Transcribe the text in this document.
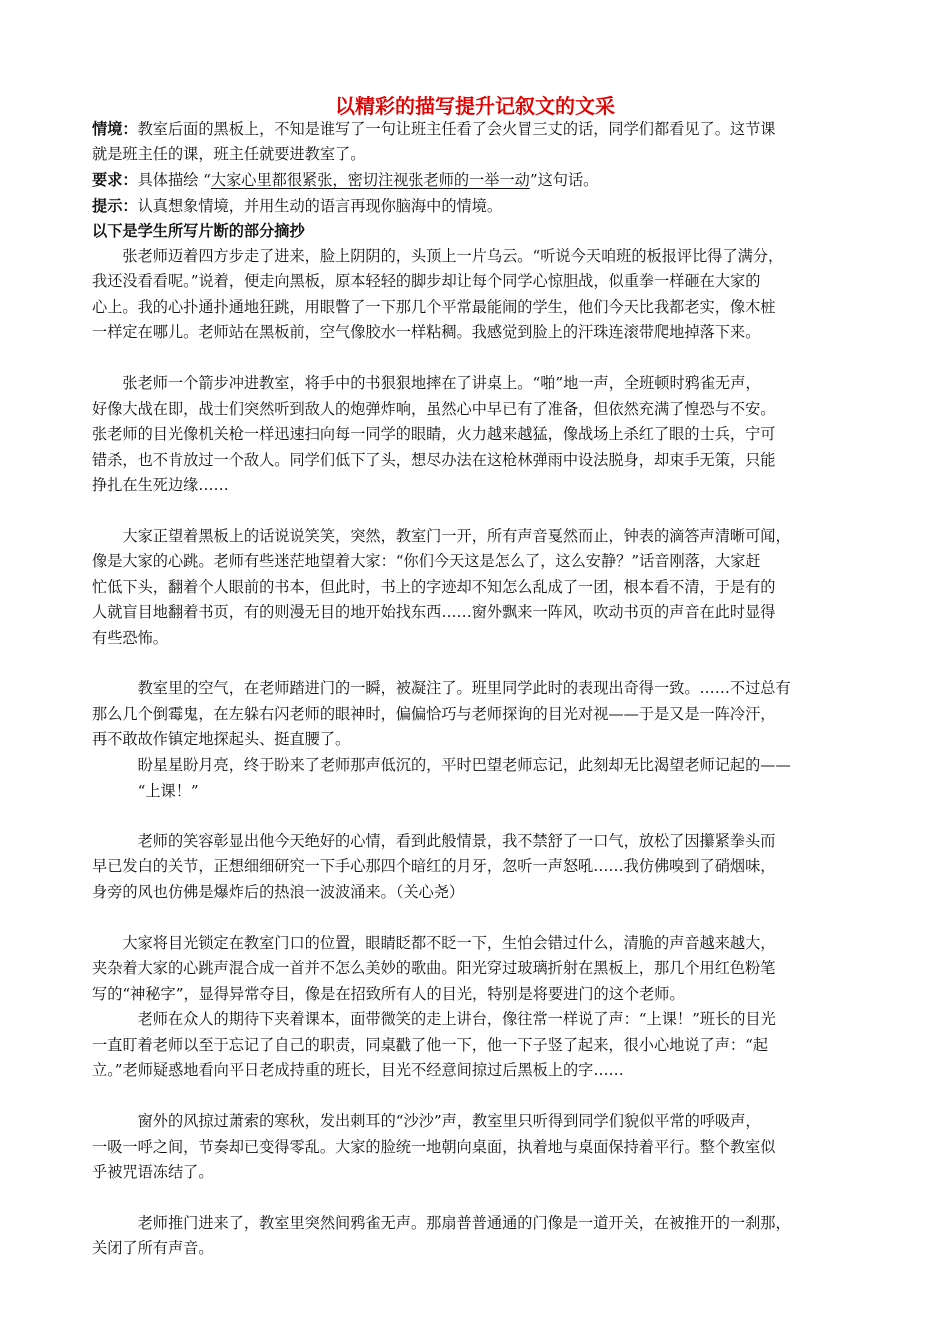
以精彩的描写提升记叙文的文采
情境：教室后面的黑板上，不知是谁写了一句让班主任看了会火冒三丈的话，同学们都看见了。这节课
就是班主任的课，班主任就要进教室了。
要求：具体描绘 “大家心里都很紧张，密切注视张老师的一举一动”这句话。
提示：认真想象情境，并用生动的语言再现你脑海中的情境。
以下是学生所写片断的部分摘抄
　　张老师迈着四方步走了进来，脸上阴阴的，头顶上一片乌云。“听说今天咱班的板报评比得了满分，
我还没看看呢。”说着，便走向黑板，原本轻轻的脚步却让每个同学心惊胆战，似重拳一样砸在大家的
心上。我的心扑通扑通地狂跳，用眼瞥了一下那几个平常最能闹的学生，他们今天比我都老实，像木桩
一样定在哪儿。老师站在黑板前，空气像胶水一样粘稠。我感觉到脸上的汗珠连滚带爬地掉落下来。
　　张老师一个箭步冲进教室，将手中的书狠狠地摔在了讲桌上。“啪”地一声，全班顿时鸦雀无声，
好像大战在即，战士们突然听到敌人的炮弹炸响，虽然心中早已有了准备，但依然充满了惶恐与不安。
张老师的目光像机关枪一样迅速扫向每一同学的眼睛，火力越来越猛，像战场上杀红了眼的士兵，宁可
错杀，也不肯放过一个敌人。同学们低下了头，想尽办法在这枪林弹雨中设法脱身，却束手无策，只能
挣扎在生死边缘……
　　大家正望着黑板上的话说说笑笑，突然，教室门一开，所有声音戛然而止，钟表的滴答声清晰可闻，
像是大家的心跳。老师有些迷茫地望着大家：“你们今天这是怎么了，这么安静？”话音刚落，大家赶
忙低下头，翻着个人眼前的书本，但此时，书上的字迹却不知怎么乱成了一团，根本看不清，于是有的
人就盲目地翻着书页，有的则漫无目的地开始找东西……窗外飘来一阵风，吹动书页的声音在此时显得
有些恐怖。
　　　教室里的空气，在老师踏进门的一瞬，被凝注了。班里同学此时的表现出奇得一致。……不过总有
那么几个倒霉鬼，在左躲右闪老师的眼神时，偏偏恰巧与老师探询的目光对视——于是又是一阵冷汗，
再不敢故作镇定地探起头、挺直腰了。
　　　盼星星盼月亮，终于盼来了老师那声低沉的，平时巴望老师忘记，此刻却无比渴望老师记起的——
　　　“上课！”
　　　老师的笑容彰显出他今天绝好的心情，看到此般情景，我不禁舒了一口气，放松了因攥紧拳头而
早已发白的关节，正想细细研究一下手心那四个暗红的月牙，忽听一声怒吼……我仿佛嗅到了硝烟味，
身旁的风也仿佛是爆炸后的热浪一波波涌来。（关心尧）
　　大家将目光锁定在教室门口的位置，眼睛眨都不眨一下，生怕会错过什么，清脆的声音越来越大，
夹杂着大家的心跳声混合成一首并不怎么美妙的歌曲。阳光穿过玻璃折射在黑板上，那几个用红色粉笔
写的“神秘字”，显得异常夺目，像是在招致所有人的目光，特别是将要进门的这个老师。
　　　老师在众人的期待下夹着课本，面带微笑的走上讲台，像往常一样说了声：“上课！”班长的目光
一直盯着老师以至于忘记了自己的职责，同桌戳了他一下，他一下子竖了起来，很小心地说了声：“起
立。”老师疑惑地看向平日老成持重的班长，目光不经意间掠过后黑板上的字……
　　　窗外的风掠过萧索的寒秋，发出刺耳的“沙沙”声，教室里只听得到同学们貌似平常的呼吸声，
一吸一呼之间，节奏却已变得零乱。大家的脸统一地朝向桌面，执着地与桌面保持着平行。整个教室似
乎被咒语冻结了。
　　　老师推门进来了，教室里突然间鸦雀无声。那扇普普通通的门像是一道开关，在被推开的一刹那，
关闭了所有声音。
